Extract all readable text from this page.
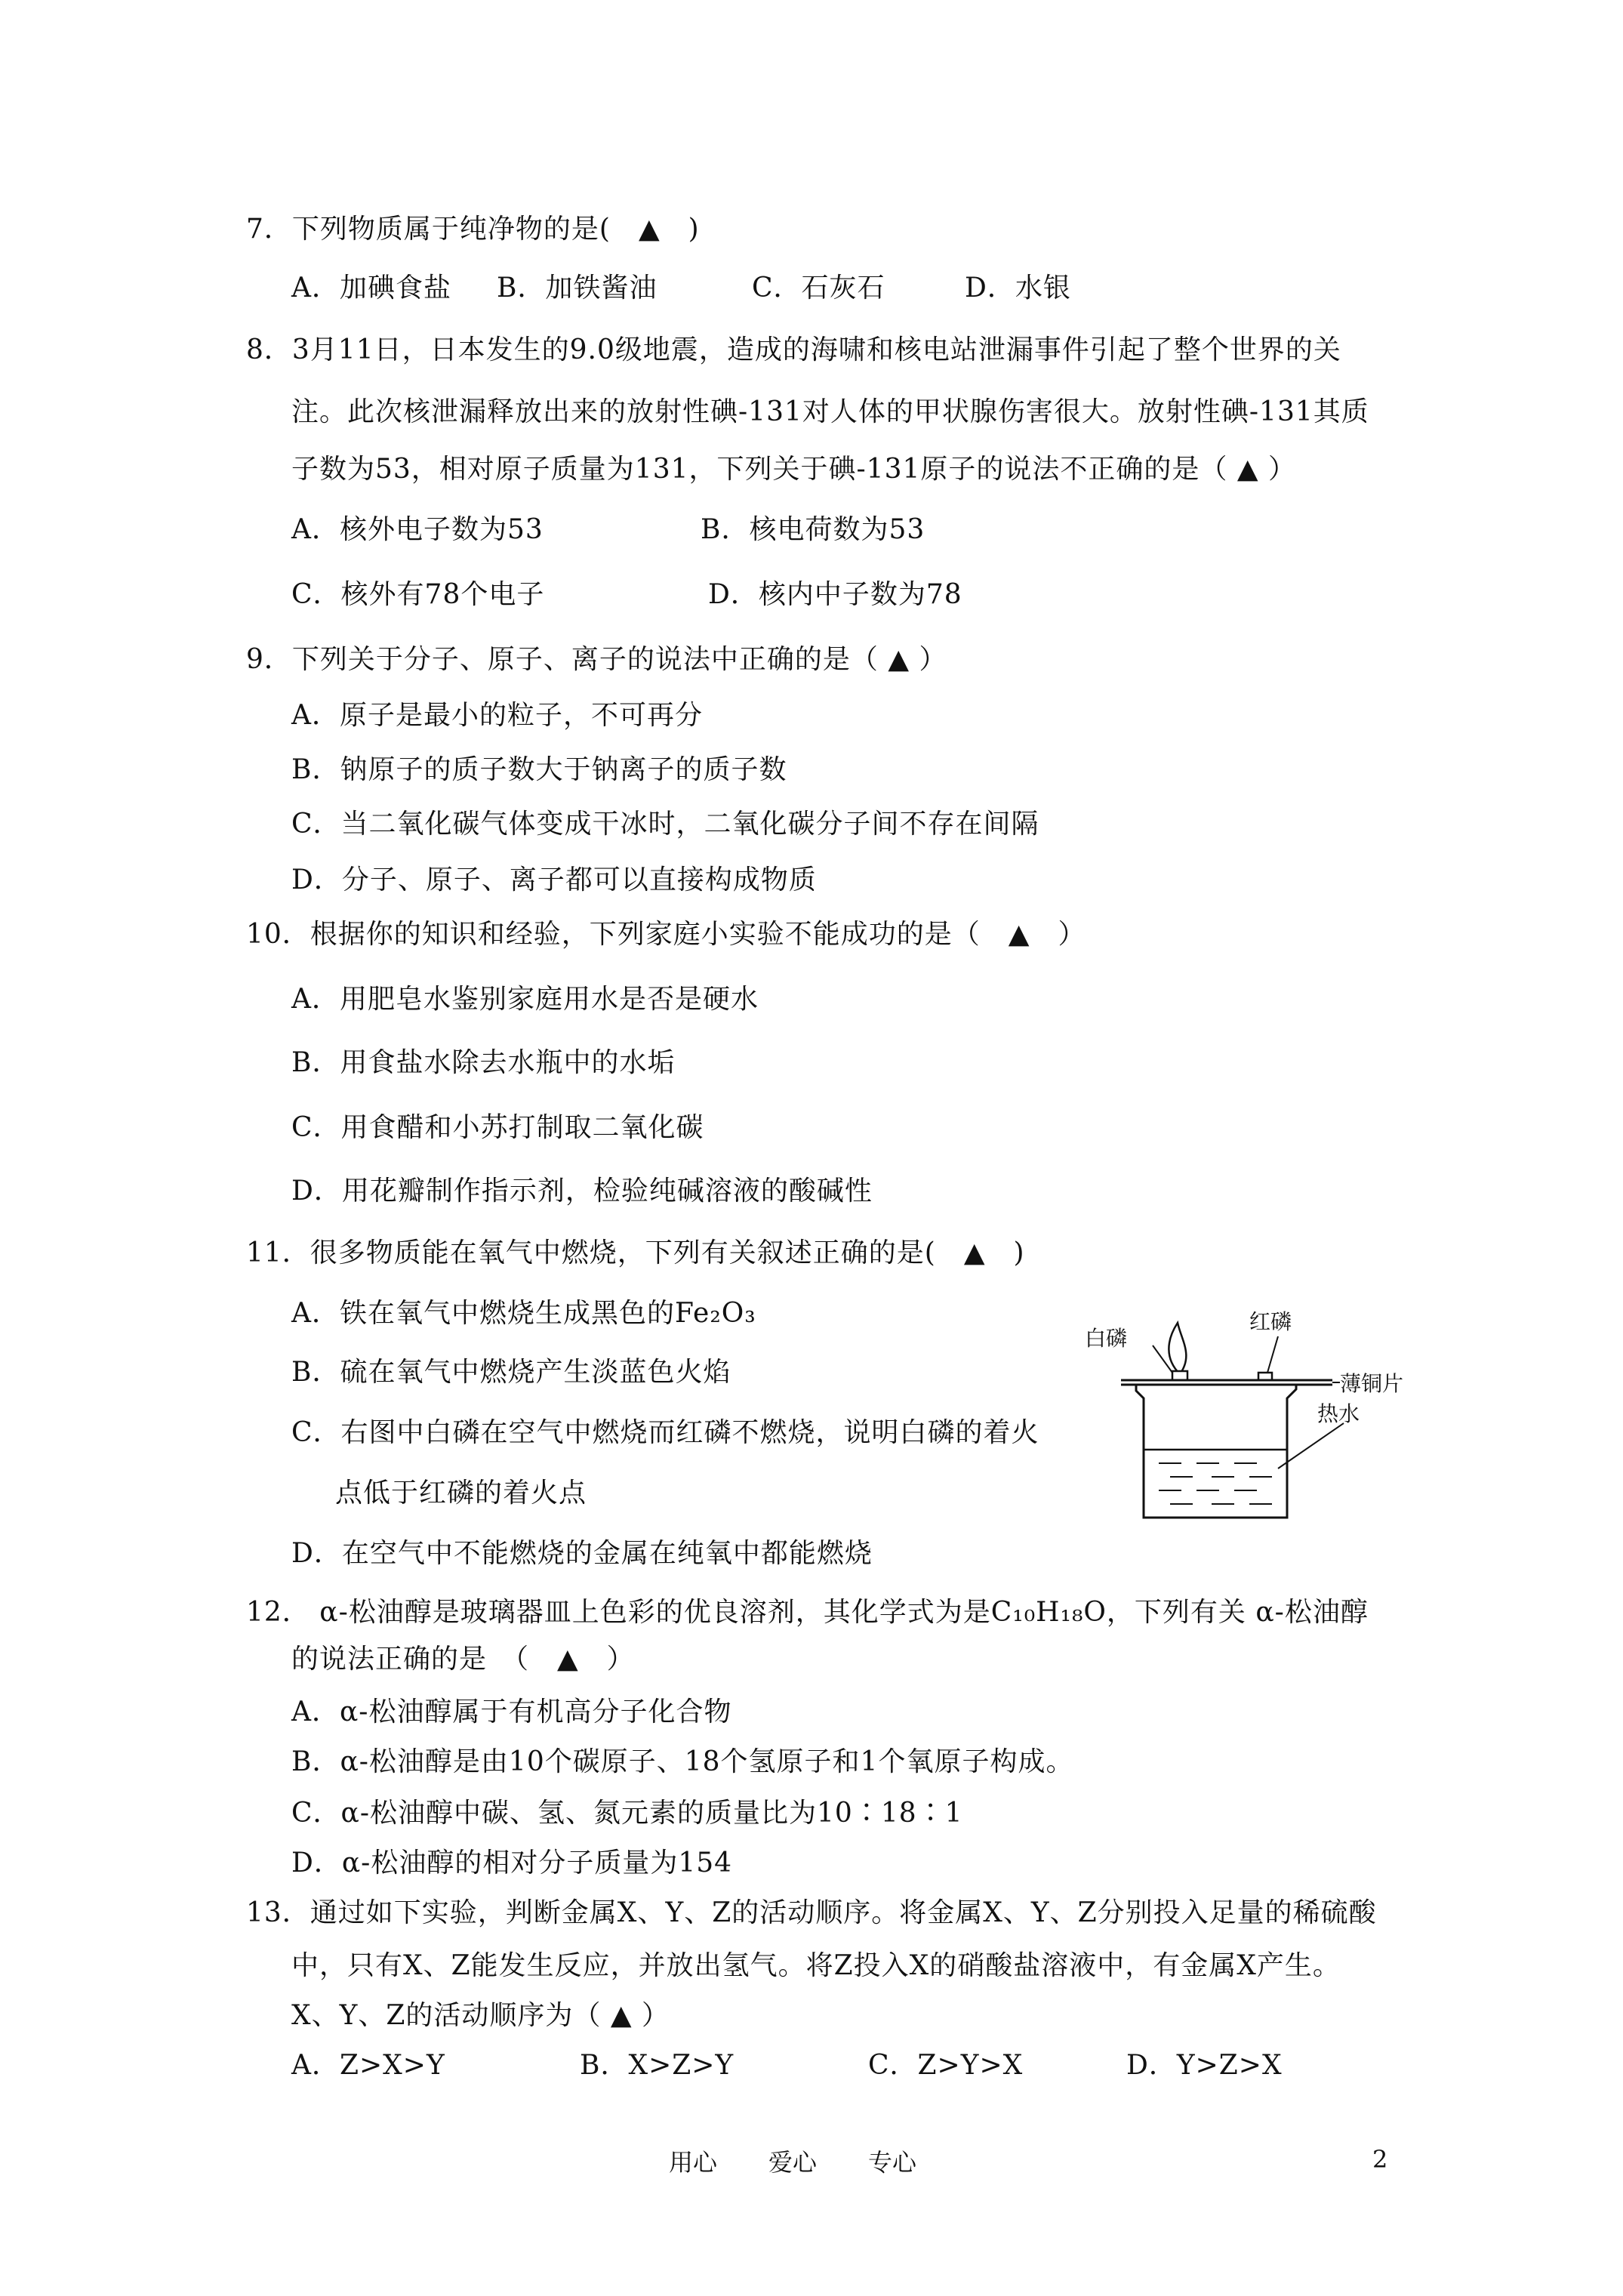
7．下列物质属于纯净物的是(　▲　)
A．加碘食盐 B．加铁酱油	C．石灰石	D．水银
8．3月11日，日本发生的9.0级地震，造成的海啸和核电站泄漏事件引起了整个世界的关
注。此次核泄漏释放出来的放射性碘-131对人体的甲状腺伤害很大。放射性碘-131其质
子数为53，相对原子质量为131，下列关于碘-131原子的说法不正确的是（ ▲ ）
A．核外电子数为53	B．核电荷数为53
C．核外有78个电子	D．核内中子数为78
9．下列关于分子、原子、离子的说法中正确的是（ ▲ ）
A．原子是最小的粒子，不可再分
B．钠原子的质子数大于钠离子的质子数
C．当二氧化碳气体变成干冰时，二氧化碳分子间不存在间隔
D．分子、原子、离子都可以直接构成物质
10．根据你的知识和经验，下列家庭小实验不能成功的是（　▲　）
A．用肥皂水鉴别家庭用水是否是硬水
B．用食盐水除去水瓶中的水垢
C．用食醋和小苏打制取二氧化碳
D．用花瓣制作指示剂，检验纯碱溶液的酸碱性
11．很多物质能在氧气中燃烧，下列有关叙述正确的是(　▲　)
A．铁在氧气中燃烧生成黑色的Fe₂O₃
B．硫在氧气中燃烧产生淡蓝色火焰
C．右图中白磷在空气中燃烧而红磷不燃烧，说明白磷的着火
点低于红磷的着火点
D．在空气中不能燃烧的金属在纯氧中都能燃烧
白磷
红磷
薄铜片
热水
12． α-松油醇是玻璃器皿上色彩的优良溶剂，其化学式为是C₁₀H₁₈O，下列有关 α-松油醇
的说法正确的是　（　▲　）
A．α-松油醇属于有机高分子化合物
B．α-松油醇是由10个碳原子、18个氢原子和1个氧原子构成。
C．α-松油醇中碳、氢、氮元素的质量比为10∶18∶1
D．α-松油醇的相对分子质量为154
13．通过如下实验，判断金属X、Y、Z的活动顺序。将金属X、Y、Z分别投入足量的稀硫酸
中，只有X、Z能发生反应，并放出氢气。将Z投入X的硝酸盐溶液中，有金属X产生。
X、Y、Z的活动顺序为（ ▲ ）
A．Z>X>Y	B．X>Z>Y	C．Z>Y>X	D．Y>Z>X
用心 爱心 专心	2
